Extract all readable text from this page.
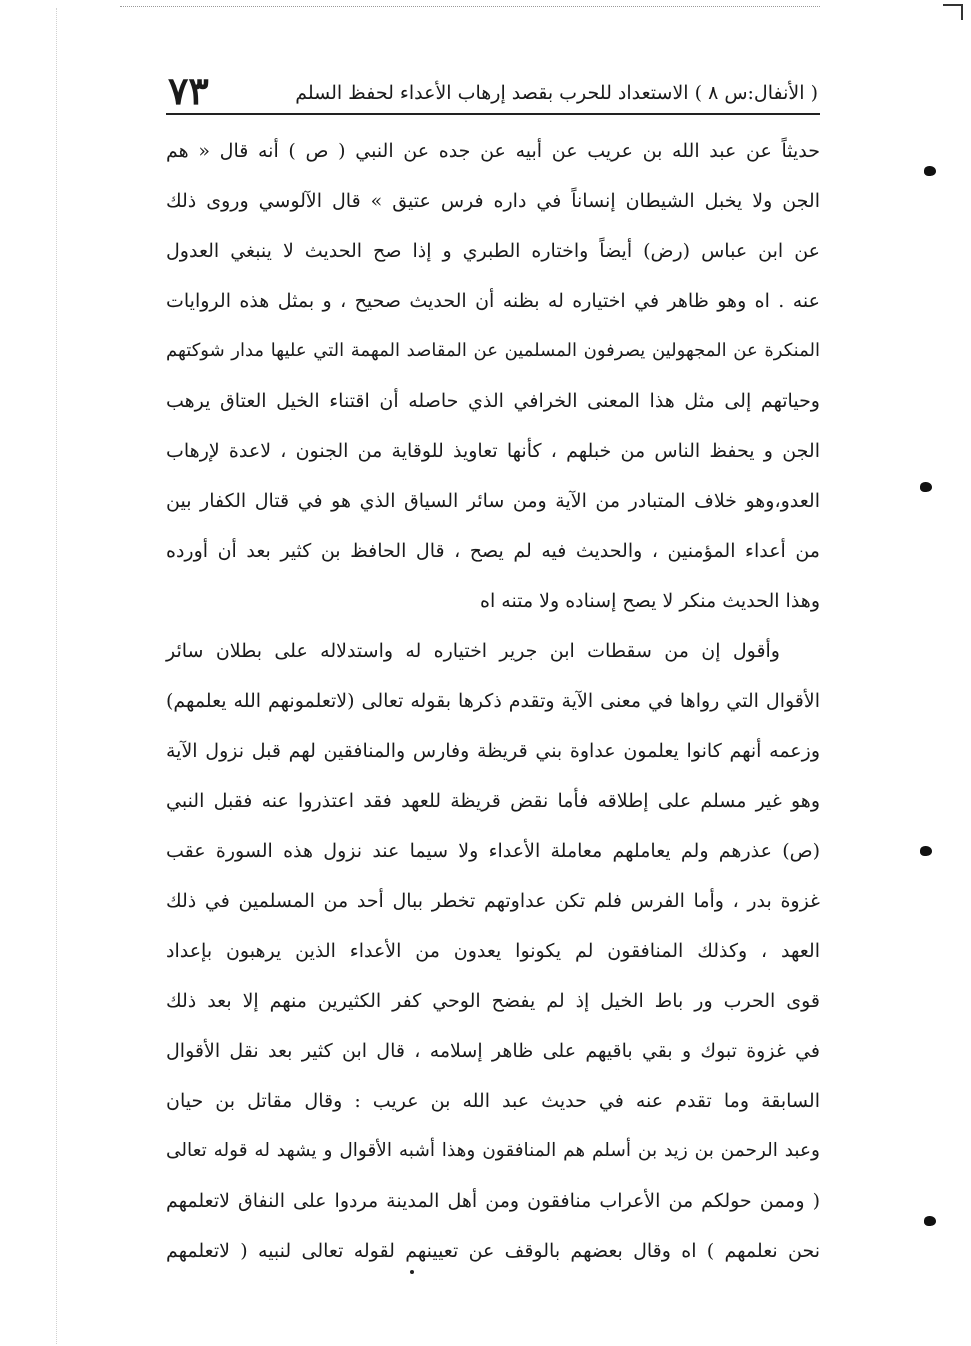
( الأنفال:س ٨ ) الاستعداد للحرب بقصد إرهاب الأعداء لحفظ السلم
٧٣
حديثاً عن عبد الله بن عريب عن أبيه عن جده عن النبي ( ص ) أنه قال « هم
الجن ولا يخبل الشيطان إنساناً في داره فرس عتيق » قال الآلوسي وروى ذلك
عن ابن عباس (رض) أيضاً واختاره الطبري و إذا صح الحديث لا ينبغي العدول
عنه . اه وهو ظاهر في اختياره له بظنه أن الحديث صحيح ، و بمثل هذه الروايات
المنكرة عن المجهولين يصرفون المسلمين عن المقاصد المهمة التي عليها مدار شوكتهم
وحياتهم إلى مثل هذا المعنى الخرافي الذي حاصله أن اقتناء الخيل العتاق يرهب
الجن و يحفظ الناس من خبلهم ، كأنها تعاويذ للوقاية من الجنون ، لاعدة لإرهاب
العدو،وهو خلاف المتبادر من الآية ومن سائر السياق الذي هو في قتال الكفار بين
من أعداء المؤمنين ، والحديث فيه لم يصح ، قال الحافظ بن كثير بعد أن أورده
وهذا الحديث منكر لا يصح إسناده ولا متنه اه
وأقول إن من سقطات ابن جرير اختياره له واستدلاله على بطلان سائر
الأقوال التي رواها في معنى الآية وتقدم ذكرها بقوله تعالى (لاتعلمونهم الله يعلمهم)
وزعمه أنهم كانوا يعلمون عداوة بني قريظة وفارس والمنافقين لهم قبل نزول الآية
وهو غير مسلم على إطلاقه فأما نقض قريظة للعهد فقد اعتذروا عنه فقبل النبي
(ص) عذرهم ولم يعاملهم معاملة الأعداء ولا سيما عند نزول هذه السورة عقب
غزوة بدر ، وأما الفرس فلم تكن عداوتهم تخطر ببال أحد من المسلمين في ذلك
العهد ، وكذلك المنافقون لم يكونوا يعدون من الأعداء الذين يرهبون بإعداد
قوى الحرب ور باط الخيل إذ لم يفضح الوحي كفر الكثيرين منهم إلا بعد ذلك
في غزوة تبوك و بقي باقيهم على ظاهر إسلامه ، قال ابن كثير بعد نقل الأقوال
السابقة وما تقدم عنه في حديث عبد الله بن عريب : وقال مقاتل بن حيان
وعبد الرحمن بن زيد بن أسلم هم المنافقون وهذا أشبه الأقوال و يشهد له قوله تعالى
( وممن حولكم من الأعراب منافقون ومن أهل المدينة مردوا على النفاق لاتعلمهم
نحن نعلمهم ) اه وقال بعضهم بالوقف عن تعيينهم لقوله تعالى لنبيه ( لاتعلمهم
